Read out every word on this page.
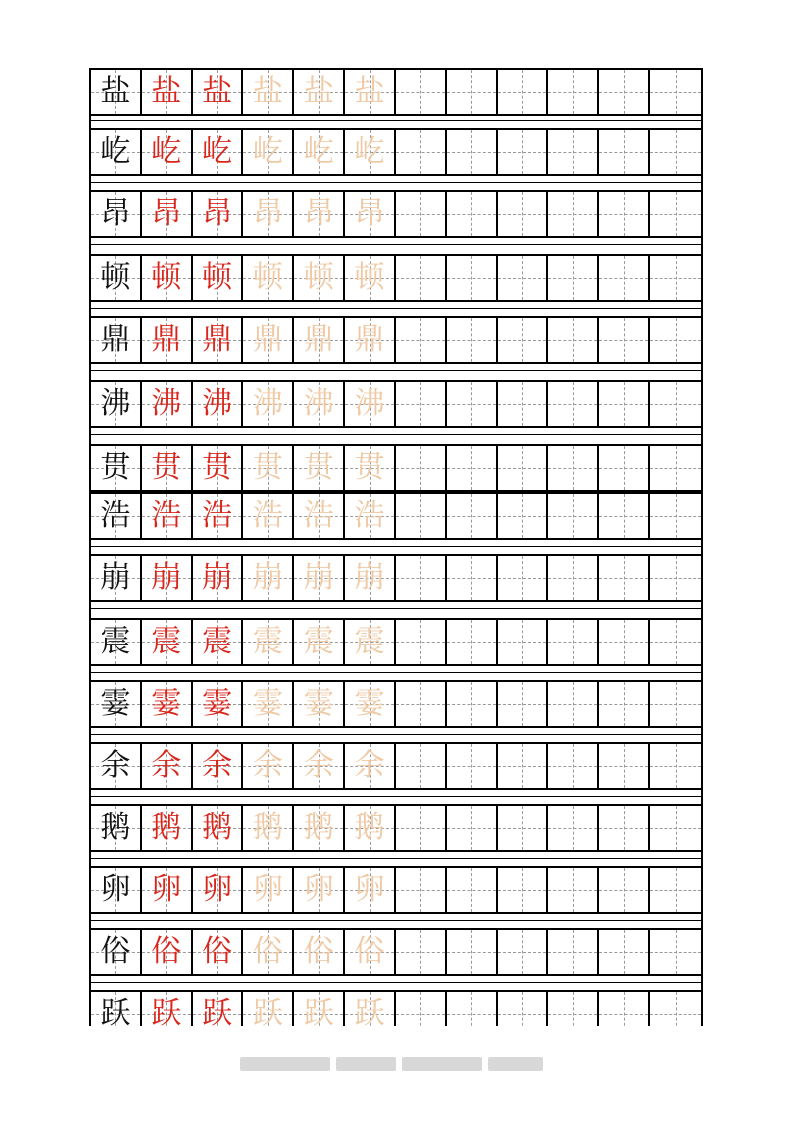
盐 盐 盐 盐 盐 盐
屹 屹 屹 屹 屹 屹
昂 昂 昂 昂 昂 昂
顿 顿 顿 顿 顿 顿
鼎 鼎 鼎 鼎 鼎 鼎
沸 沸 沸 沸 沸 沸
贯 贯 贯 贯 贯 贯
浩 浩 浩 浩 浩 浩
崩 崩 崩 崩 崩 崩
震 震 震 震 震 震
霎 霎 霎 霎 霎 霎
余 余 余 余 余 余
鹅 鹅 鹅 鹅 鹅 鹅
卵 卵 卵 卵 卵 卵
俗 俗 俗 俗 俗 俗
跃 跃 跃 跃 跃 跃
